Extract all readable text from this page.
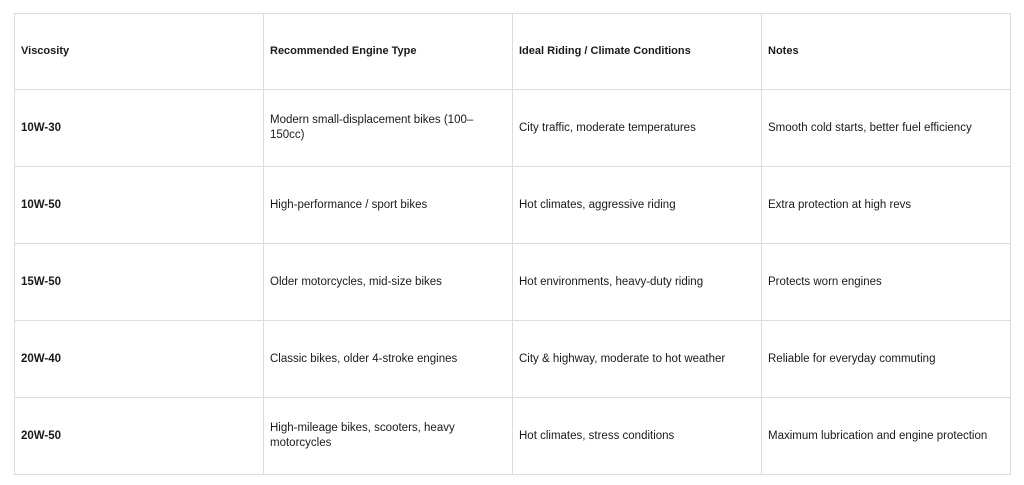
Viscosity	Recommended Engine Type	Ideal Riding / Climate Conditions	Notes
10W-30	Modern small-displacement bikes (100–150cc)	City traffic, moderate temperatures	Smooth cold starts, better fuel efficiency
10W-50	High-performance / sport bikes	Hot climates, aggressive riding	Extra protection at high revs
15W-50	Older motorcycles, mid-size bikes	Hot environments, heavy-duty riding	Protects worn engines
20W-40	Classic bikes, older 4-stroke engines	City & highway, moderate to hot weather	Reliable for everyday commuting
20W-50	High-mileage bikes, scooters, heavy motorcycles	Hot climates, stress conditions	Maximum lubrication and engine protection
